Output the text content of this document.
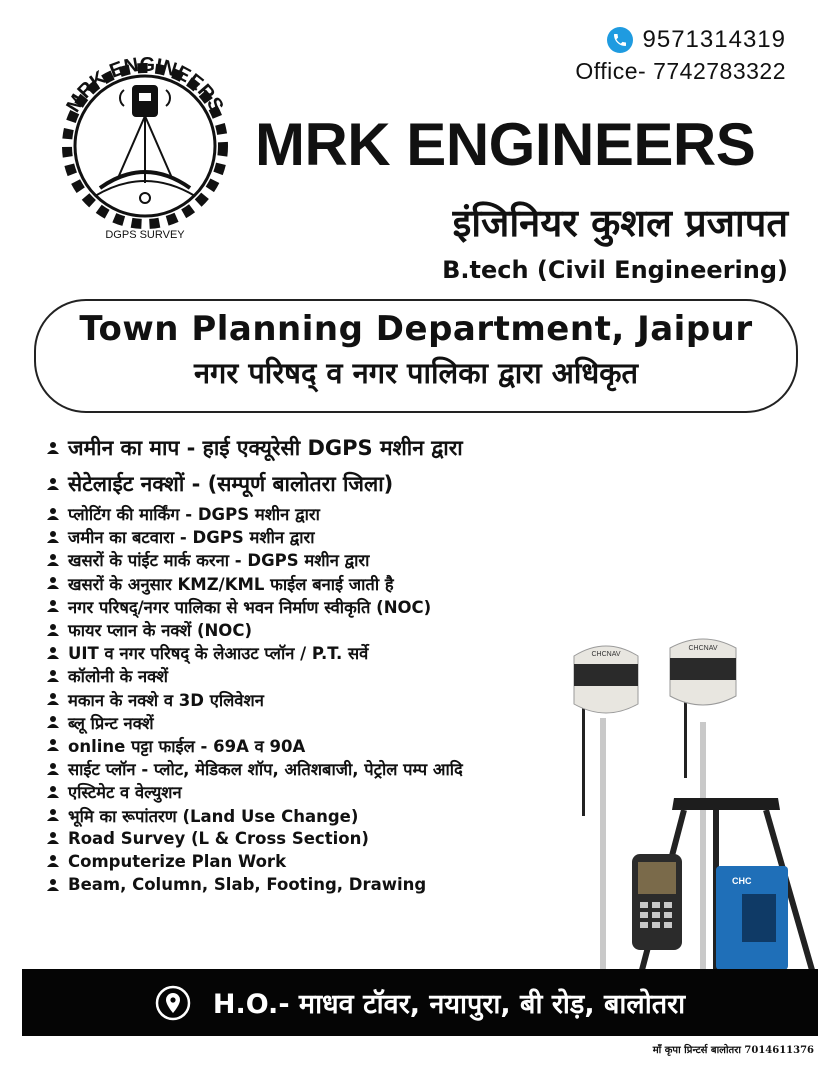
9571314319
Office- 7742783322
MRK ENGINEERS
DGPS SURVEY
MRK ENGINEERS
इंजिनियर कुशल प्रजापत
B.tech (Civil Engineering)
Town Planning Department, Jaipur
नगर परिषद् व नगर पालिका द्वारा अधिकृत
जमीन का माप - हाई एक्यूरेसी DGPS मशीन द्वारा
सेटेलाईट नक्शों - (सम्पूर्ण बालोतरा जिला)
प्लोटिंग की मार्किंग - DGPS मशीन द्वारा
जमीन का बटवारा - DGPS मशीन द्वारा
खसरों के पांईट मार्क करना - DGPS मशीन द्वारा
खसरों के अनुसार KMZ/KML फाईल बनाई जाती है
नगर परिषद्/नगर पालिका से भवन निर्माण स्वीकृति (NOC)
फायर प्लान के नक्शें (NOC)
UIT व नगर परिषद् के लेआउट प्लॉन / P.T. सर्वे
कॉलोनी के नक्शें
मकान के नक्शे व 3D एलिवेशन
ब्लू प्रिन्ट नक्शें
online पट्टा फाईल - 69A व 90A
साईट प्लॉन - प्लोट, मेडिकल शॉप, अतिशबाजी, पेट्रोल पम्प आदि
एस्टिमेट व वेल्युशन
भूमि का रूपांतरण (Land Use Change)
Road Survey (L & Cross Section)
Computerize Plan Work
Beam, Column, Slab, Footing, Drawing
CHCNAV
CHCNAV
CHC
H.O.- माधव टॉवर, नयापुरा, बी रोड़, बालोतरा
माँ कृपा प्रिन्टर्स बालोतरा 7014611376
